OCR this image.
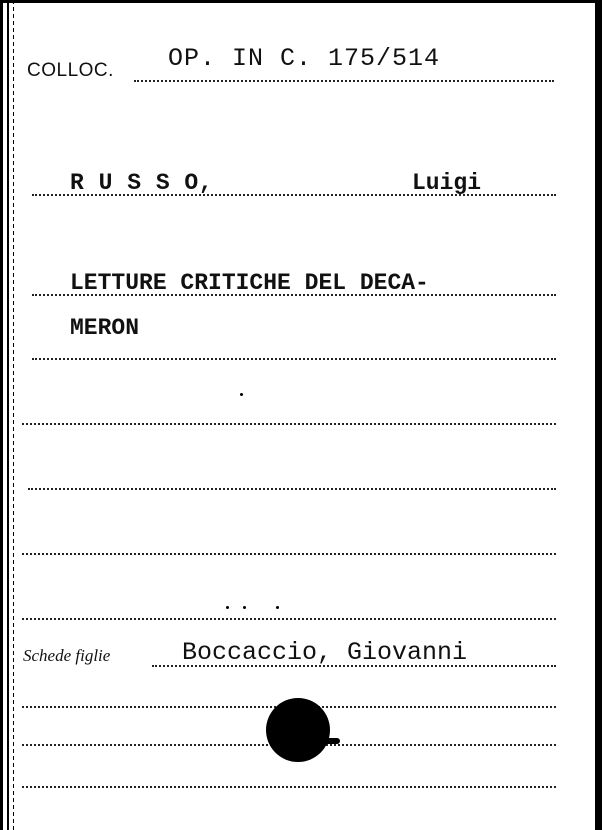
COLLOC. OP. IN C. 175/514
R U S S O,	Luigi
LETTURE CRITICHE DEL DECA-
MERON
Schede figlie	Boccaccio, Giovanni
